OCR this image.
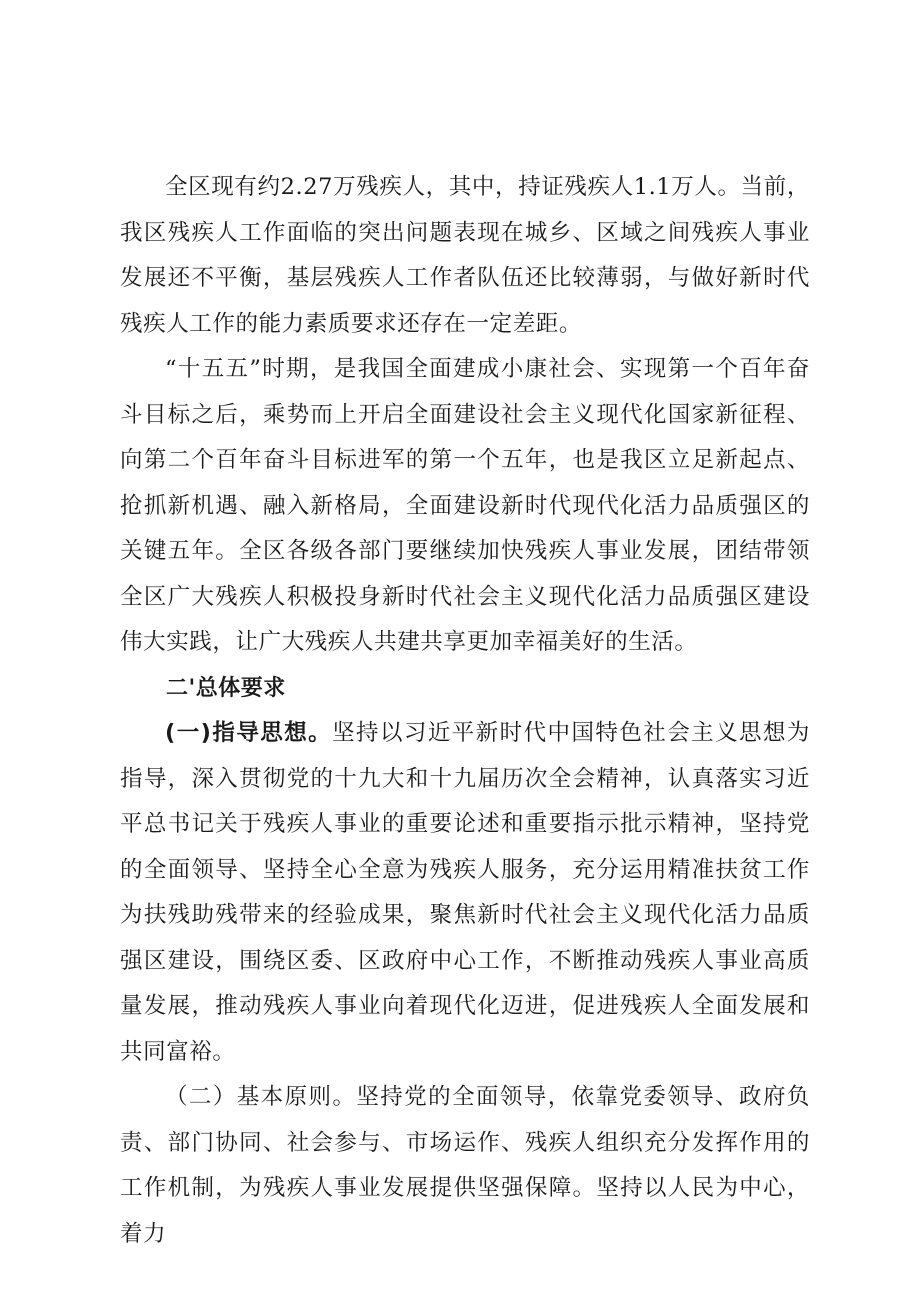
全区现有约2.27万残疾人，其中，持证残疾人1.1万人。当前，我区残疾人工作面临的突出问题表现在城乡、区域之间残疾人事业发展还不平衡，基层残疾人工作者队伍还比较薄弱，与做好新时代残疾人工作的能力素质要求还存在一定差距。

“十五五”时期，是我国全面建成小康社会、实现第一个百年奋斗目标之后，乘势而上开启全面建设社会主义现代化国家新征程、向第二个百年奋斗目标进军的第一个五年，也是我区立足新起点、抢抓新机遇、融入新格局，全面建设新时代现代化活力品质强区的关键五年。全区各级各部门要继续加快残疾人事业发展，团结带领全区广大残疾人积极投身新时代社会主义现代化活力品质强区建设伟大实践，让广大残疾人共建共享更加幸福美好的生活。

二'总体要求

(一)指导思想。坚持以习近平新时代中国特色社会主义思想为指导，深入贯彻党的十九大和十九届历次全会精神，认真落实习近平总书记关于残疾人事业的重要论述和重要指示批示精神，坚持党的全面领导、坚持全心全意为残疾人服务，充分运用精准扶贫工作为扶残助残带来的经验成果，聚焦新时代社会主义现代化活力品质强区建设，围绕区委、区政府中心工作，不断推动残疾人事业高质量发展，推动残疾人事业向着现代化迈进，促进残疾人全面发展和共同富裕。

（二）基本原则。坚持党的全面领导，依靠党委领导、政府负责、部门协同、社会参与、市场运作、残疾人组织充分发挥作用的工作机制，为残疾人事业发展提供坚强保障。坚持以人民为中心，着力
